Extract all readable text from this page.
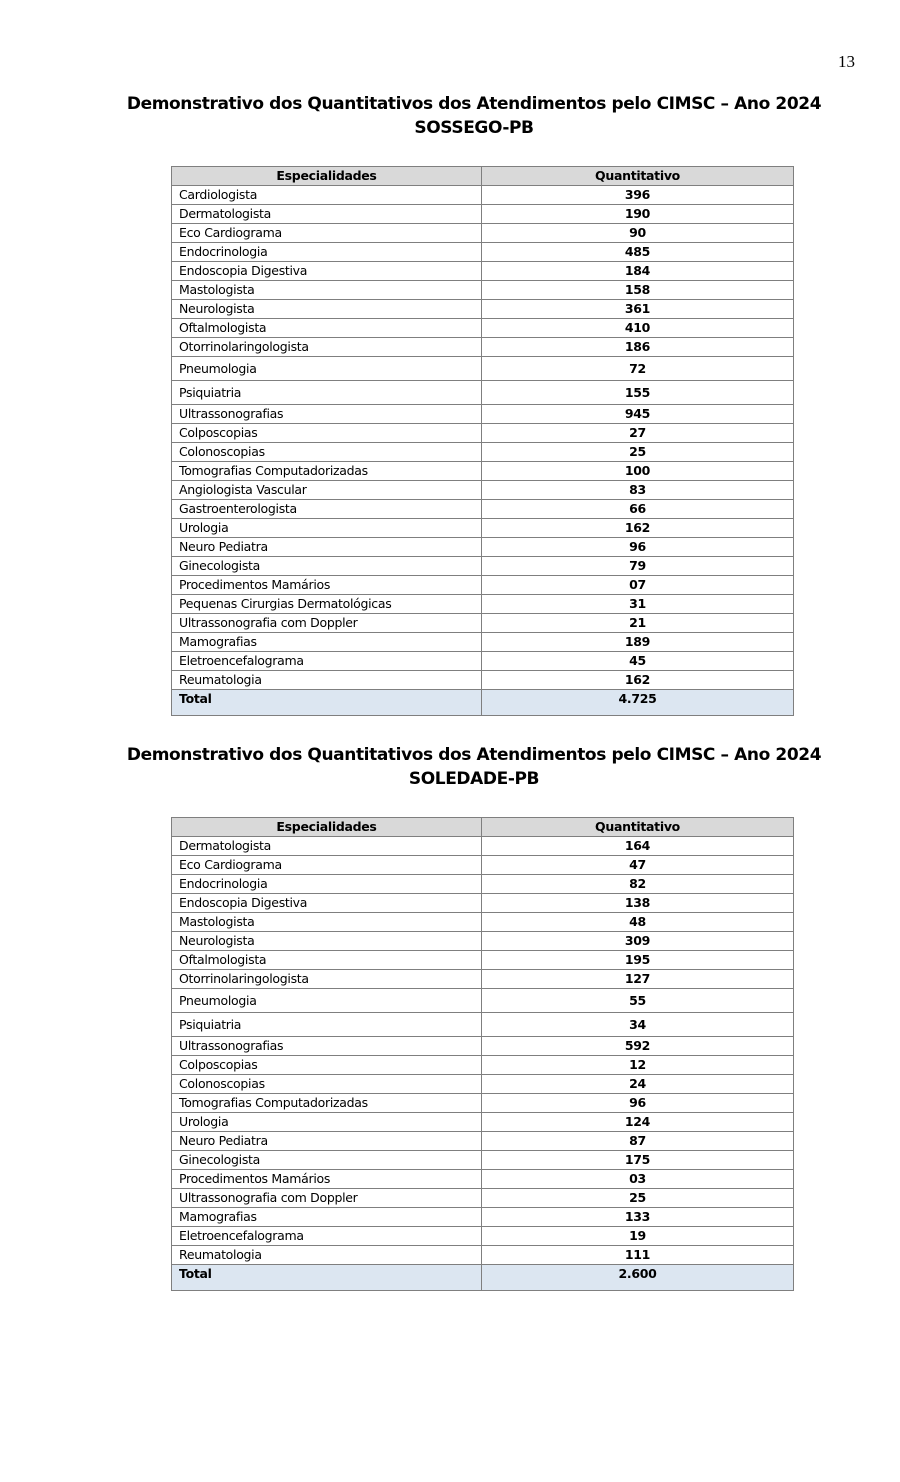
13
Demonstrativo dos Quantitativos dos Atendimentos pelo CIMSC – Ano 2024
SOSSEGO-PB
Especialidades	Quantitativo
Cardiologista	396
Dermatologista	190
Eco Cardiograma	90
Endocrinologia	485
Endoscopia Digestiva	184
Mastologista	158
Neurologista	361
Oftalmologista	410
Otorrinolaringologista	186
Pneumologia	72
Psiquiatria	155
Ultrassonografias	945
Colposcopias	27
Colonoscopias	25
Tomografias Computadorizadas	100
Angiologista Vascular	83
Gastroenterologista	66
Urologia	162
Neuro Pediatra	96
Ginecologista	79
Procedimentos Mamários	07
Pequenas Cirurgias Dermatológicas	31
Ultrassonografia com Doppler	21
Mamografias	189
Eletroencefalograma	45
Reumatologia	162
Total	4.725
Demonstrativo dos Quantitativos dos Atendimentos pelo CIMSC – Ano 2024
SOLEDADE-PB
Especialidades	Quantitativo
Dermatologista	164
Eco Cardiograma	47
Endocrinologia	82
Endoscopia Digestiva	138
Mastologista	48
Neurologista	309
Oftalmologista	195
Otorrinolaringologista	127
Pneumologia	55
Psiquiatria	34
Ultrassonografias	592
Colposcopias	12
Colonoscopias	24
Tomografias Computadorizadas	96
Urologia	124
Neuro Pediatra	87
Ginecologista	175
Procedimentos Mamários	03
Ultrassonografia com Doppler	25
Mamografias	133
Eletroencefalograma	19
Reumatologia	111
Total	2.600
